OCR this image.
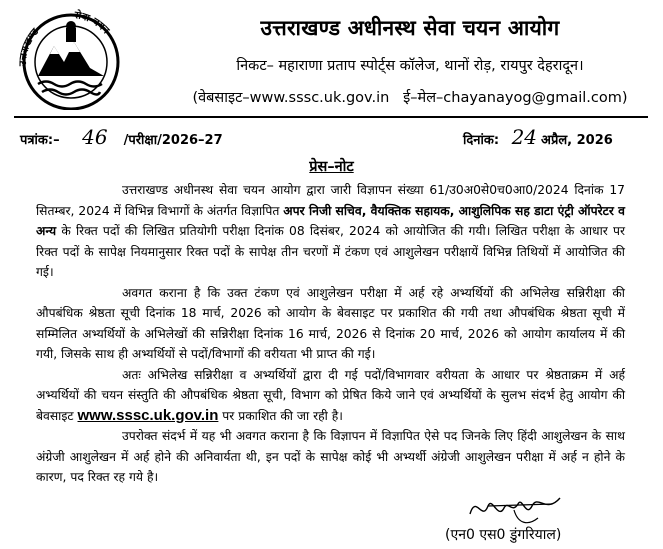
उत्तराखण्ड
सेवा चयन	उत्तराखण्ड अधीनस्थ सेवा चयन आयोग
निकट– महाराणा प्रताप स्पोर्ट्स कॉलेज, थानों रोड़, रायपुर देहरादून।
(वेबसाइट–www.sssc.uk.gov.in ई–मेल–chayanayog@gmail.com)
पत्रांक:– 46 /परीक्षा/2026–27	दिनांक: 24 अप्रैल, 2026
प्रेस–नोट

उत्तराखण्ड अधीनस्थ सेवा चयन आयोग द्वारा जारी विज्ञापन संख्या 61/उ0अ0से0च0आ0/2024 दिनांक 17 सितम्बर, 2024 में विभिन्न विभागों के अंतर्गत विज्ञापित अपर निजी सचिव, वैयक्तिक सहायक, आशुलिपिक सह डाटा एंट्री ऑपरेटर व अन्य के रिक्त पदों की लिखित प्रतियोगी परीक्षा दिनांक 08 दिसंबर, 2024 को आयोजित की गयी। लिखित परीक्षा के आधार पर रिक्त पदों के सापेक्ष नियमानुसार रिक्त पदों के सापेक्ष तीन चरणों में टंकण एवं आशुलेखन परीक्षायें विभिन्न तिथियों में आयोजित की गई।

अवगत कराना है कि उक्त टंकण एवं आशुलेखन परीक्षा में अर्ह रहे अभ्यर्थियों की अभिलेख सन्निरीक्षा की औपबंधिक श्रेष्ठता सूची दिनांक 18 मार्च, 2026 को आयोग के बेवसाइट पर प्रकाशित की गयी तथा औपबंधिक श्रेष्ठता सूची में सम्मिलित अभ्यर्थियों के अभिलेखों की सन्निरीक्षा दिनांक 16 मार्च, 2026 से दिनांक 20 मार्च, 2026 को आयोग कार्यालय में की गयी, जिसके साथ ही अभ्यर्थियों से पदों/विभागों की वरीयता भी प्राप्त की गई।

अतः अभिलेख सन्निरीक्षा व अभ्यर्थियों द्वारा दी गई पदों/विभागवार वरीयता के आधार पर श्रेष्ठताक्रम में अर्ह अभ्यर्थियों की चयन संस्तुति की औपबंधिक श्रेष्ठता सूची, विभाग को प्रेषित किये जाने एवं अभ्यर्थियों के सुलभ संदर्भ हेतु आयोग की बेवसाइट www.sssc.uk.gov.in पर प्रकाशित की जा रही है।

उपरोक्त संदर्भ में यह भी अवगत कराना है कि विज्ञापन में विज्ञापित ऐसे पद जिनके लिए हिंदी आशुलेखन के साथ अंग्रेजी आशुलेखन में अर्ह होने की अनिवार्यता थी, इन पदों के सापेक्ष कोई भी अभ्यर्थी अंग्रेजी आशुलेखन परीक्षा में अर्ह न होने के कारण, पद रिक्त रह गये है।

(एन0 एस0 डुंगरियाल)
